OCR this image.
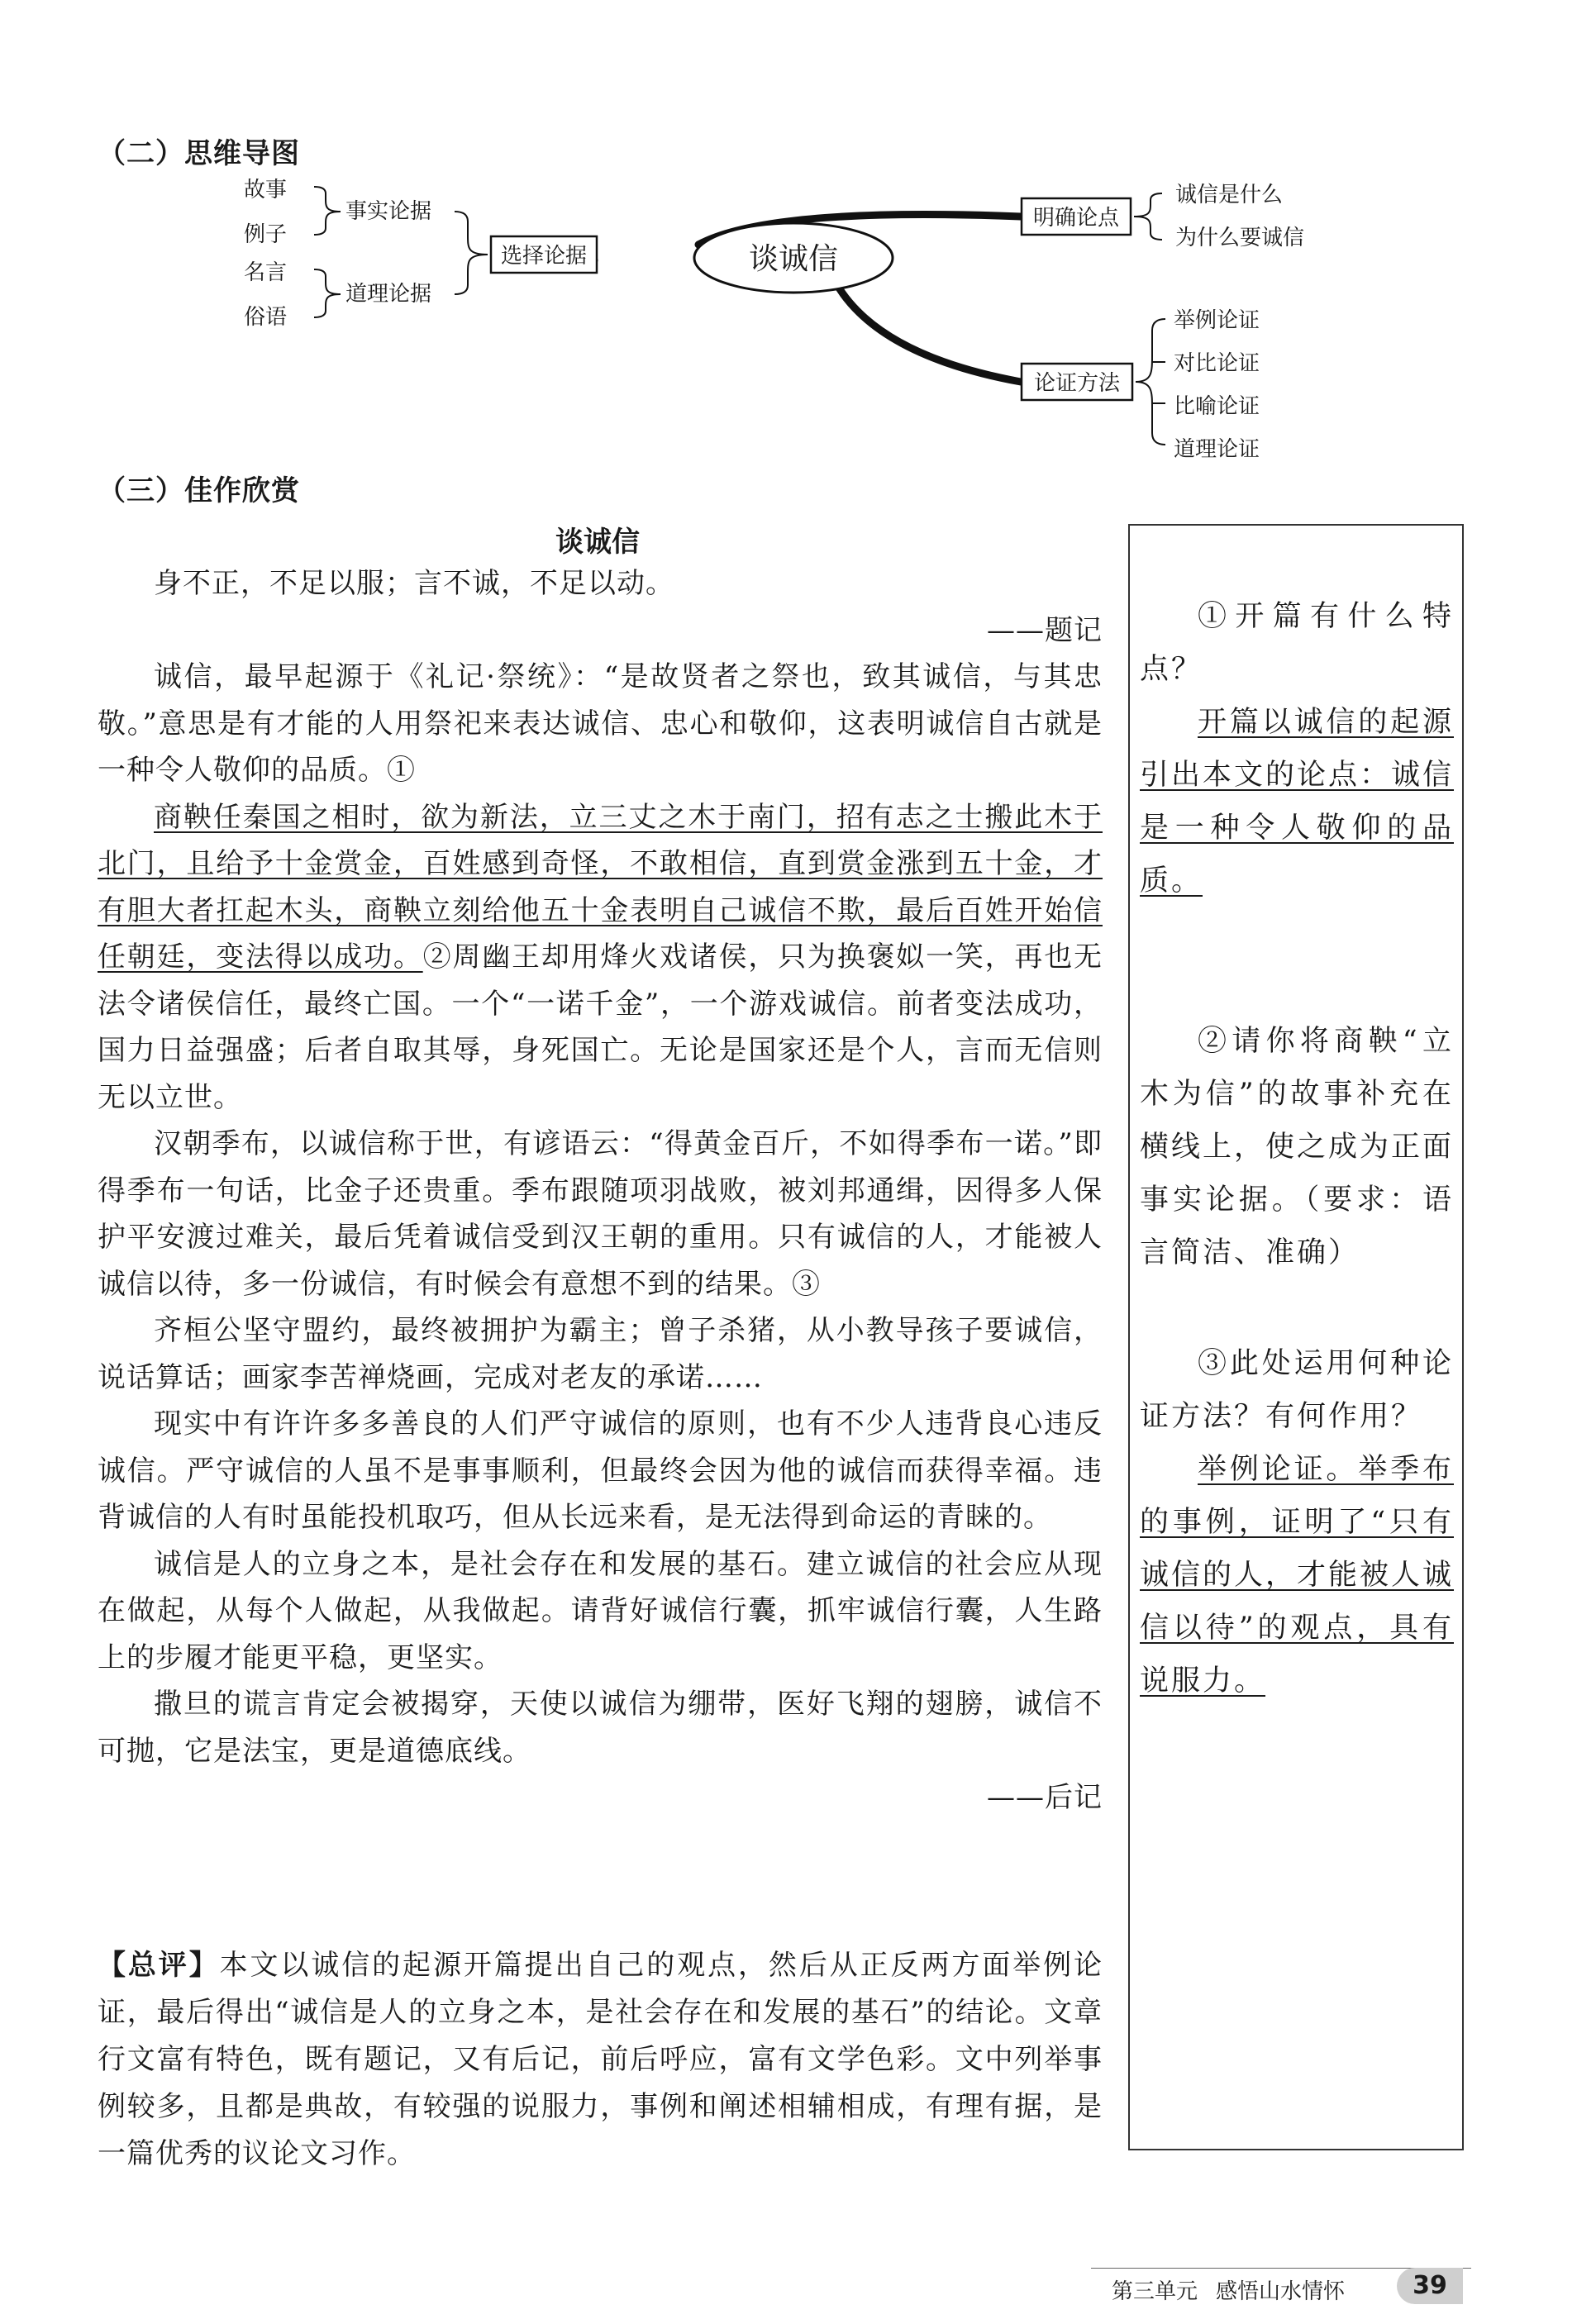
（二）思维导图
谈诚信
选择论据
事实论据
道理论据
故事
例子
名言
俗语
明确论点
诚信是什么
为什么要诚信
论证方法
举例论证
对比论证
比喻论证
道理论证
（三）佳作欣赏
谈诚信

身不正，不足以服；言不诚，不足以动。

——题记

诚信，最早起源于《礼记·祭统》：“是故贤者之祭也，致其诚信，与其忠敬。”意思是有才能的人用祭祀来表达诚信、忠心和敬仰，这表明诚信自古就是一种令人敬仰的品质。①

商鞅任秦国之相时，欲为新法，立三丈之木于南门，招有志之士搬此木于北门，且给予十金赏金，百姓感到奇怪，不敢相信，直到赏金涨到五十金，才有胆大者扛起木头，商鞅立刻给他五十金表明自己诚信不欺，最后百姓开始信任朝廷，变法得以成功。②周幽王却用烽火戏诸侯，只为换褒姒一笑，再也无法令诸侯信任，最终亡国。一个“一诺千金”，一个游戏诚信。前者变法成功，国力日益强盛；后者自取其辱，身死国亡。无论是国家还是个人，言而无信则无以立世。

汉朝季布，以诚信称于世，有谚语云：“得黄金百斤，不如得季布一诺。”即得季布一句话，比金子还贵重。季布跟随项羽战败，被刘邦通缉，因得多人保护平安渡过难关，最后凭着诚信受到汉王朝的重用。只有诚信的人，才能被人诚信以待，多一份诚信，有时候会有意想不到的结果。③

齐桓公坚守盟约，最终被拥护为霸主；曾子杀猪，从小教导孩子要诚信，说话算话；画家李苦禅烧画，完成对老友的承诺……

现实中有许许多多善良的人们严守诚信的原则，也有不少人违背良心违反诚信。严守诚信的人虽不是事事顺利，但最终会因为他的诚信而获得幸福。违背诚信的人有时虽能投机取巧，但从长远来看，是无法得到命运的青睐的。

诚信是人的立身之本，是社会存在和发展的基石。建立诚信的社会应从现在做起，从每个人做起，从我做起。请背好诚信行囊，抓牢诚信行囊，人生路上的步履才能更平稳，更坚实。

撒旦的谎言肯定会被揭穿，天使以诚信为绷带，医好飞翔的翅膀，诚信不可抛，它是法宝，更是道德底线。

——后记

【总评】本文以诚信的起源开篇提出自己的观点，然后从正反两方面举例论证，最后得出“诚信是人的立身之本，是社会存在和发展的基石”的结论。文章行文富有特色，既有题记，又有后记，前后呼应，富有文学色彩。文中列举事例较多，且都是典故，有较强的说服力，事例和阐述相辅相成，有理有据，是一篇优秀的议论文习作。

①开篇有什么特点？

开篇以诚信的起源引出本文的论点：诚信是一种令人敬仰的品质。

②请你将商鞅“立木为信”的故事补充在横线上，使之成为正面事实论据。（要求：语言简洁、准确）

③此处运用何种论证方法？有何作用？

举例论证。举季布的事例，证明了“只有诚信的人，才能被人诚信以待”的观点，具有说服力。

第三单元 感悟山水情怀	39
